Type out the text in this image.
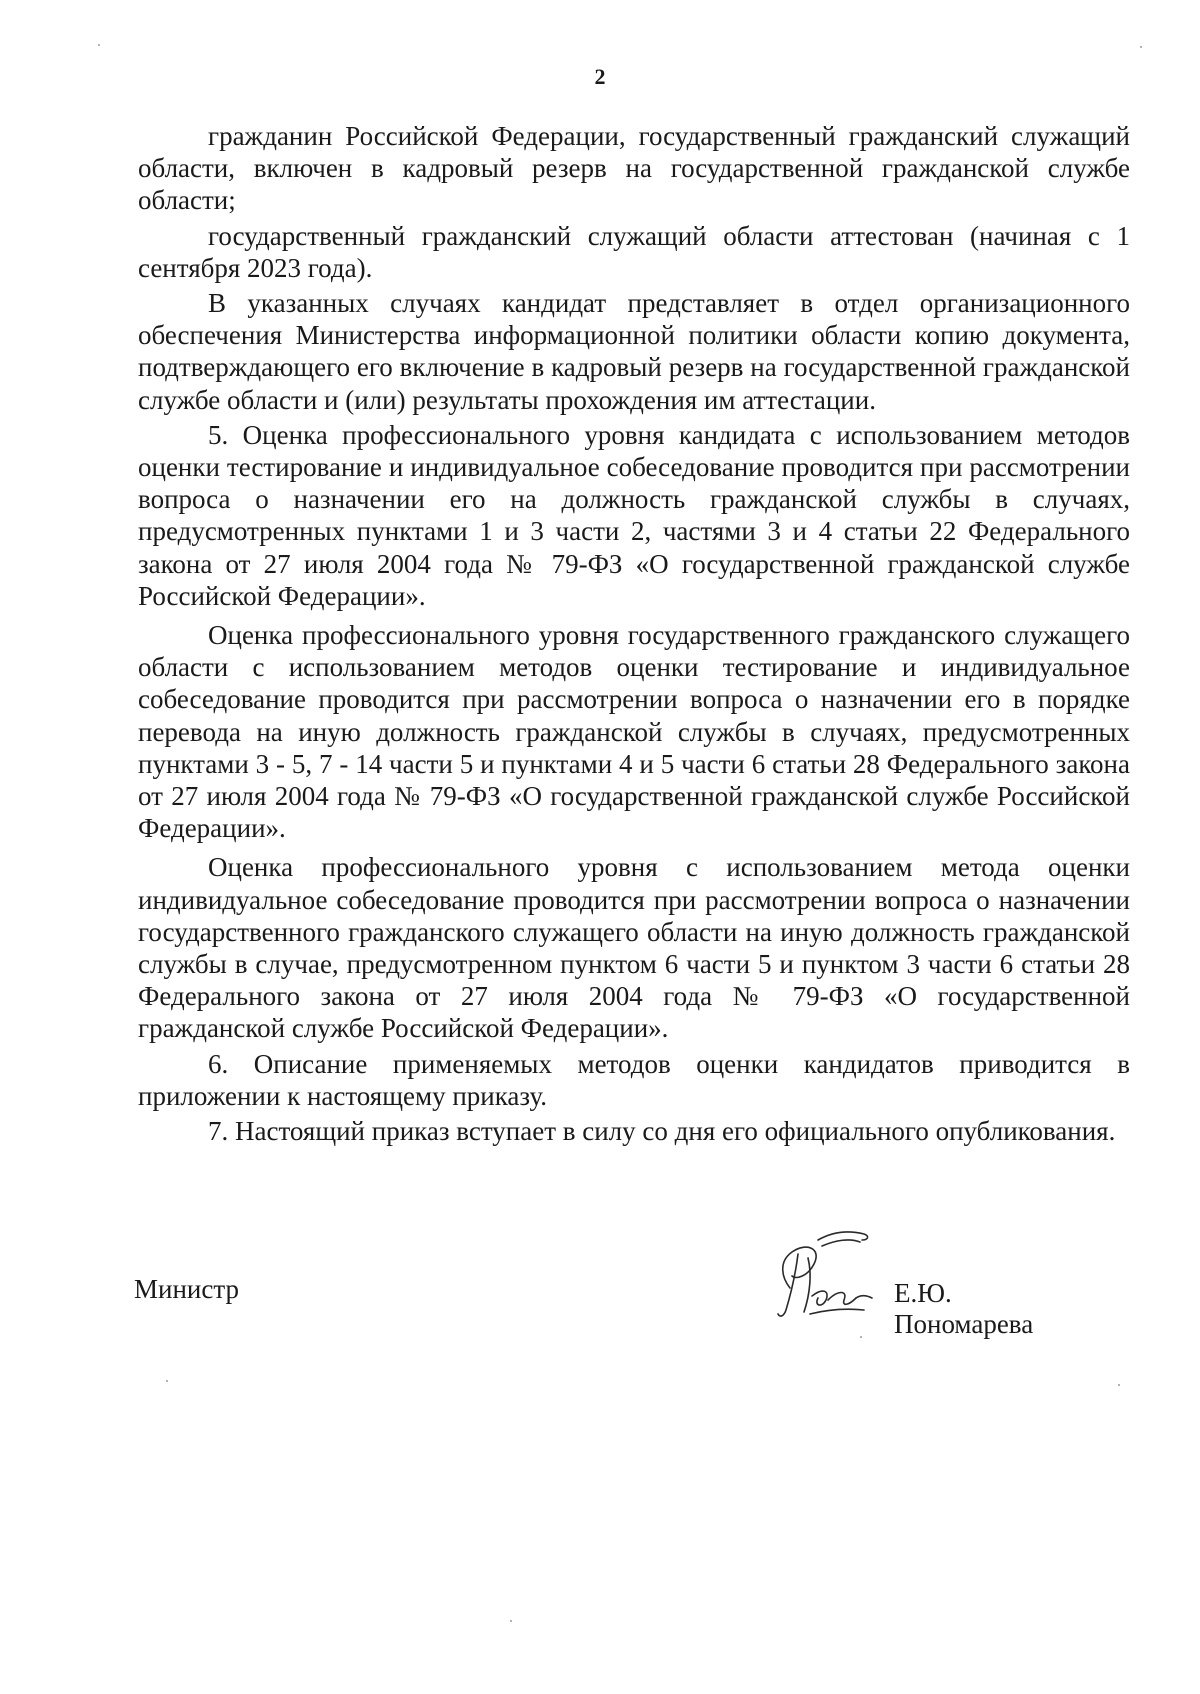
2

гражданин Российской Федерации, государственный гражданский служащий области, включен в кадровый резерв на государственной гражданской службе области;

государственный гражданский служащий области аттестован (начиная с 1 сентября 2023 года).

В указанных случаях кандидат представляет в отдел организационного обеспечения Министерства информационной политики области копию документа, подтверждающего его включение в кадровый резерв на государственной гражданской службе области и (или) результаты прохождения им аттестации.

5. Оценка профессионального уровня кандидата с использованием методов оценки тестирование и индивидуальное собеседование проводится при рассмотрении вопроса о назначении его на должность гражданской службы в случаях, предусмотренных пунктами 1 и 3 части 2, частями 3 и 4 статьи 22 Федерального закона от 27 июля 2004 года № 79-ФЗ «О государственной гражданской службе Российской Федерации».

Оценка профессионального уровня государственного гражданского служащего области с использованием методов оценки тестирование и индивидуальное собеседование проводится при рассмотрении вопроса о назначении его в порядке перевода на иную должность гражданской службы в случаях, предусмотренных пунктами 3 - 5, 7 - 14 части 5 и пунктами 4 и 5 части 6 статьи 28 Федерального закона от 27 июля 2004 года № 79-ФЗ «О государственной гражданской службе Российской Федерации».

Оценка профессионального уровня с использованием метода оценки индивидуальное собеседование проводится при рассмотрении вопроса о назначении государственного гражданского служащего области на иную должность гражданской службы в случае, предусмотренном пунктом 6 части 5 и пунктом 3 части 6 статьи 28 Федерального закона от 27 июля 2004 года № 79-ФЗ «О государственной гражданской службе Российской Федерации».

6. Описание применяемых методов оценки кандидатов приводится в приложении к настоящему приказу.

7. Настоящий приказ вступает в силу со дня его официального опубликования.

Министр	Е.Ю. Пономарева
